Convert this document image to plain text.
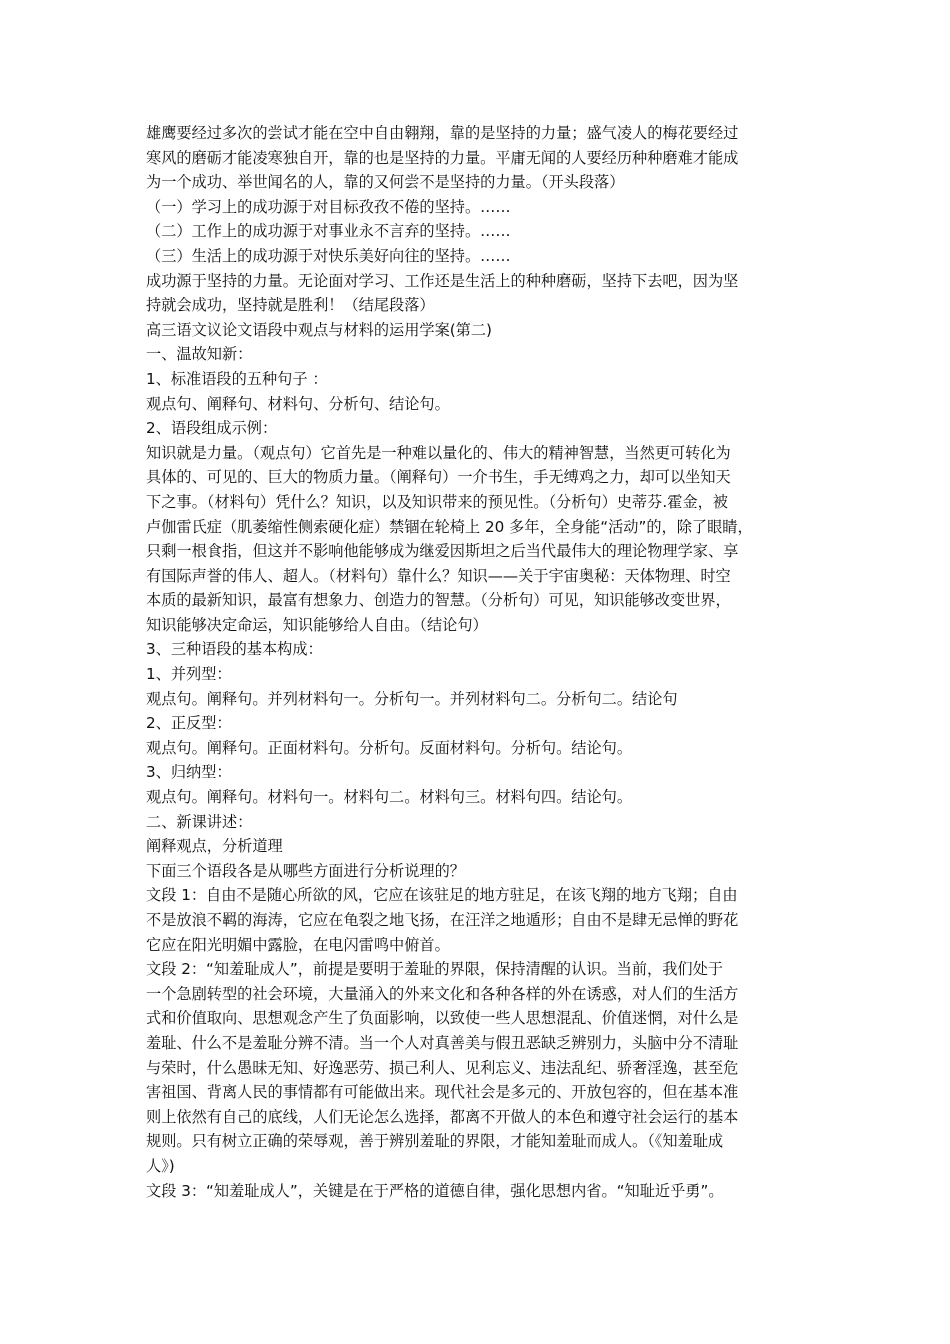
雄鹰要经过多次的尝试才能在空中自由翱翔，靠的是坚持的力量；盛气凌人的梅花要经过

寒风的磨砺才能凌寒独自开，靠的也是坚持的力量。平庸无闻的人要经历种种磨难才能成

为一个成功、举世闻名的人，靠的又何尝不是坚持的力量。（开头段落）

（一）学习上的成功源于对目标孜孜不倦的坚持。……

（二）工作上的成功源于对事业永不言弃的坚持。……

（三）生活上的成功源于对快乐美好向往的坚持。……

成功源于坚持的力量。无论面对学习、工作还是生活上的种种磨砺，坚持下去吧，因为坚

持就会成功，坚持就是胜利！（结尾段落）

高三语文议论文语段中观点与材料的运用学案(第二)

一、温故知新：

1、标准语段的五种句子 ：

观点句、阐释句、材料句、分析句、结论句。

2、语段组成示例：

知识就是力量。（观点句）它首先是一种难以量化的、伟大的精神智慧，当然更可转化为

具体的、可见的、巨大的物质力量。（阐释句）一介书生，手无缚鸡之力，却可以坐知天

下之事。（材料句）凭什么？知识，以及知识带来的预见性。（分析句）史蒂芬.霍金，被

卢伽雷氏症（肌萎缩性侧索硬化症）禁锢在轮椅上 20 多年，全身能“活动”的，除了眼睛，

只剩一根食指，但这并不影响他能够成为继爱因斯坦之后当代最伟大的理论物理学家、享

有国际声誉的伟人、超人。（材料句）靠什么？知识——关于宇宙奥秘：天体物理、时空

本质的最新知识，最富有想象力、创造力的智慧。（分析句）可见，知识能够改变世界，

知识能够决定命运，知识能够给人自由。（结论句）

3、三种语段的基本构成：

1、并列型：

观点句。阐释句。并列材料句一。分析句一。并列材料句二。分析句二。结论句

2、正反型：

观点句。阐释句。正面材料句。分析句。反面材料句。分析句。结论句。

3、归纳型：

观点句。阐释句。材料句一。材料句二。材料句三。材料句四。结论句。

二、新课讲述：

阐释观点，分析道理

下面三个语段各是从哪些方面进行分析说理的？

文段 1：自由不是随心所欲的风，它应在该驻足的地方驻足，在该飞翔的地方飞翔；自由

不是放浪不羁的海涛，它应在龟裂之地飞扬，在汪洋之地遁形；自由不是肆无忌惮的野花

它应在阳光明媚中露脸，在电闪雷鸣中俯首。

文段 2：“知羞耻成人”，前提是要明于羞耻的界限，保持清醒的认识。当前，我们处于

一个急剧转型的社会环境，大量涌入的外来文化和各种各样的外在诱惑，对人们的生活方

式和价值取向、思想观念产生了负面影响，以致使一些人思想混乱、价值迷惘，对什么是

羞耻、什么不是羞耻分辨不清。当一个人对真善美与假丑恶缺乏辨别力，头脑中分不清耻

与荣时，什么愚昧无知、好逸恶劳、损己利人、见利忘义、违法乱纪、骄奢淫逸，甚至危

害祖国、背离人民的事情都有可能做出来。现代社会是多元的、开放包容的，但在基本准

则上依然有自己的底线，人们无论怎么选择，都离不开做人的本色和遵守社会运行的基本

规则。只有树立正确的荣辱观，善于辨别羞耻的界限，才能知羞耻而成人。（《知羞耻成

人》)

文段 3：“知羞耻成人”，关键是在于严格的道德自律，强化思想内省。“知耻近乎勇”。
